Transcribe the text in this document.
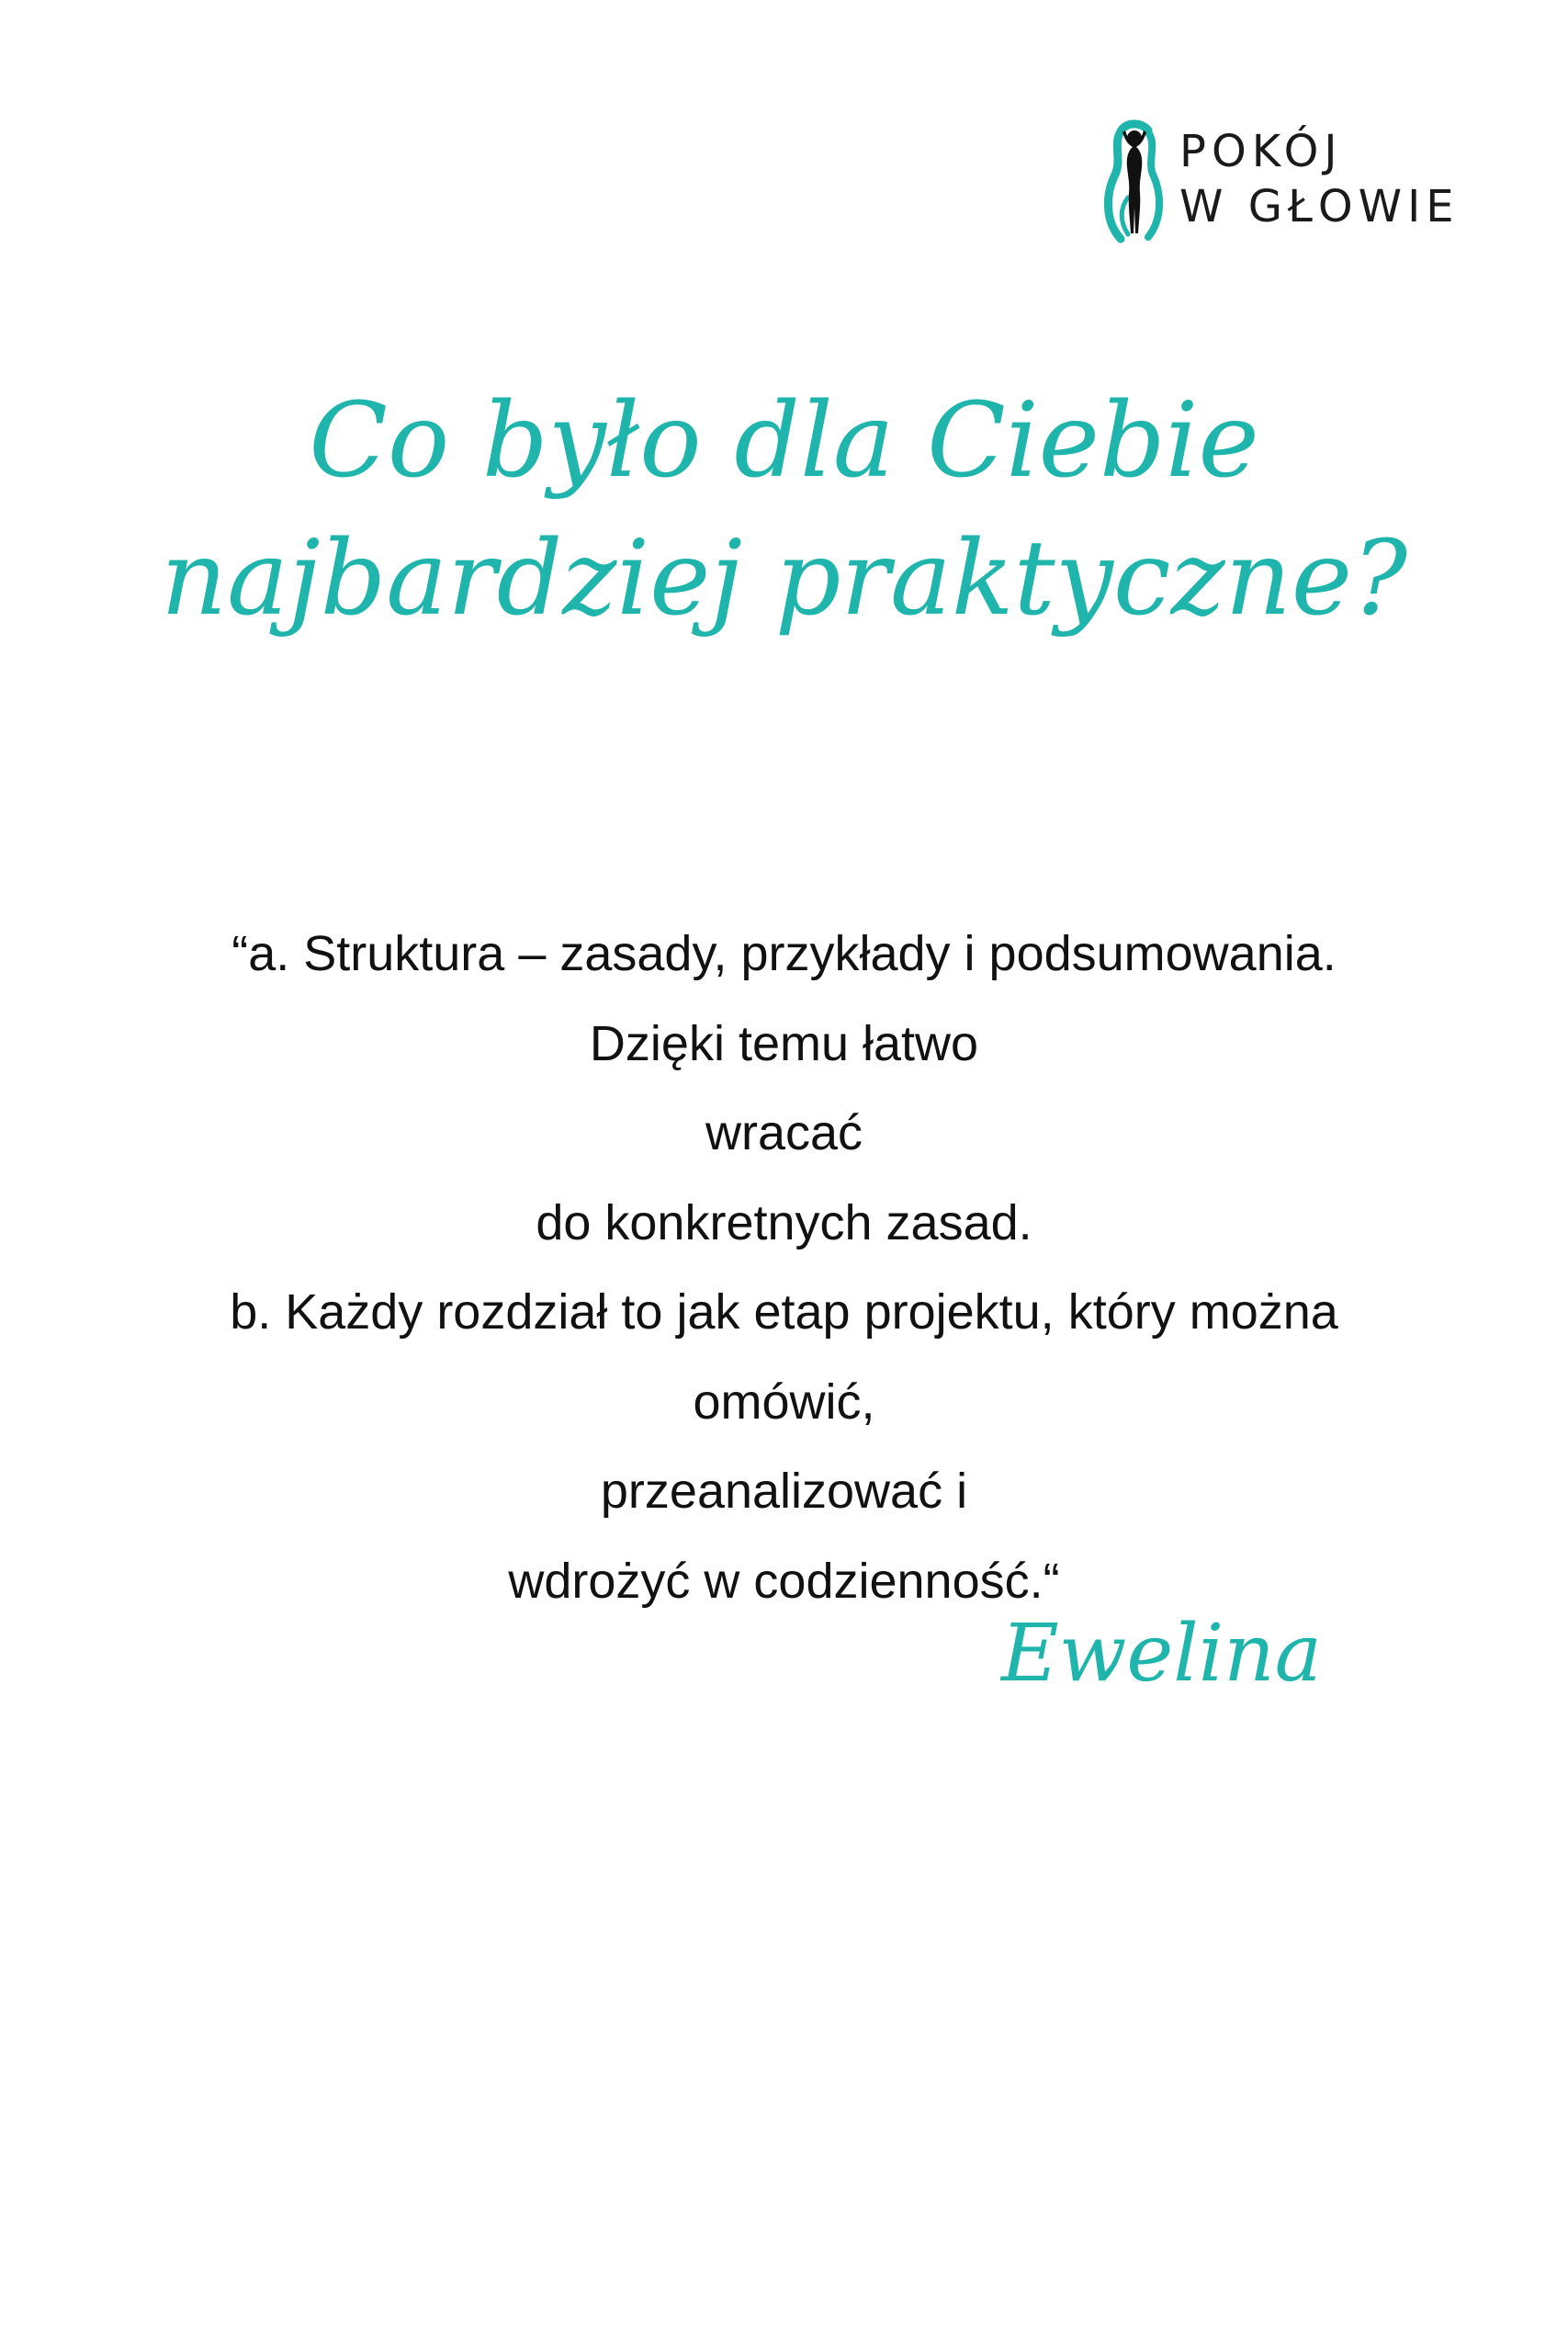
POKÓJ
W GŁOWIE
Co było dla Ciebie
najbardziej praktyczne?
“a. Struktura – zasady, przykłady i podsumowania.
Dzięki temu łatwo
wracać
do konkretnych zasad.
b. Każdy rozdział to jak etap projektu, który można
omówić,
przeanalizować i
wdrożyć w codzienność.“
Ewelina
